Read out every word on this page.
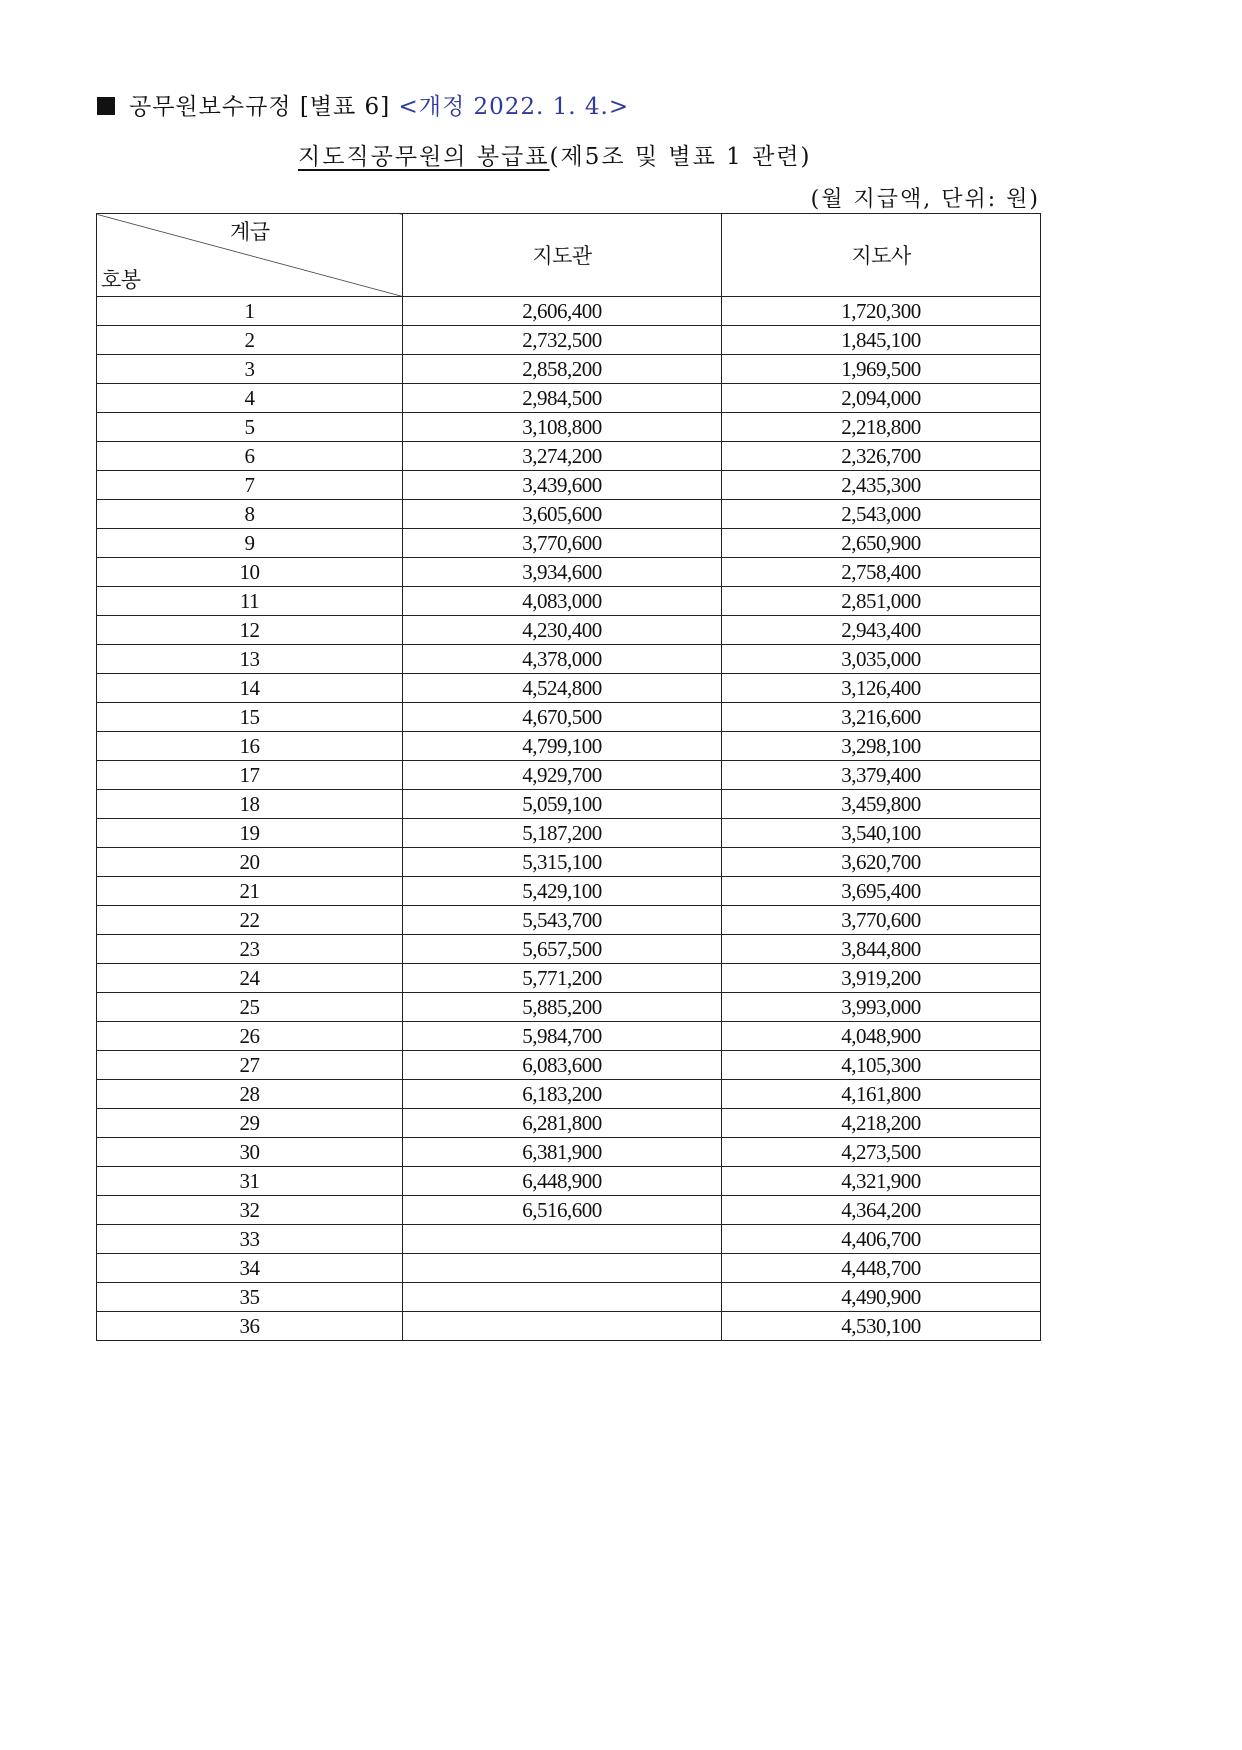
공무원보수규정 [별표 6] <개정 2022. 1. 4.>
지도직공무원의 봉급표(제5조 및 별표 1 관련)
(월 지급액, 단위: 원)
계급
호봉	지도관	지도사
1	2,606,400	1,720,300
2	2,732,500	1,845,100
3	2,858,200	1,969,500
4	2,984,500	2,094,000
5	3,108,800	2,218,800
6	3,274,200	2,326,700
7	3,439,600	2,435,300
8	3,605,600	2,543,000
9	3,770,600	2,650,900
10	3,934,600	2,758,400
11	4,083,000	2,851,000
12	4,230,400	2,943,400
13	4,378,000	3,035,000
14	4,524,800	3,126,400
15	4,670,500	3,216,600
16	4,799,100	3,298,100
17	4,929,700	3,379,400
18	5,059,100	3,459,800
19	5,187,200	3,540,100
20	5,315,100	3,620,700
21	5,429,100	3,695,400
22	5,543,700	3,770,600
23	5,657,500	3,844,800
24	5,771,200	3,919,200
25	5,885,200	3,993,000
26	5,984,700	4,048,900
27	6,083,600	4,105,300
28	6,183,200	4,161,800
29	6,281,800	4,218,200
30	6,381,900	4,273,500
31	6,448,900	4,321,900
32	6,516,600	4,364,200
33		4,406,700
34		4,448,700
35		4,490,900
36		4,530,100
